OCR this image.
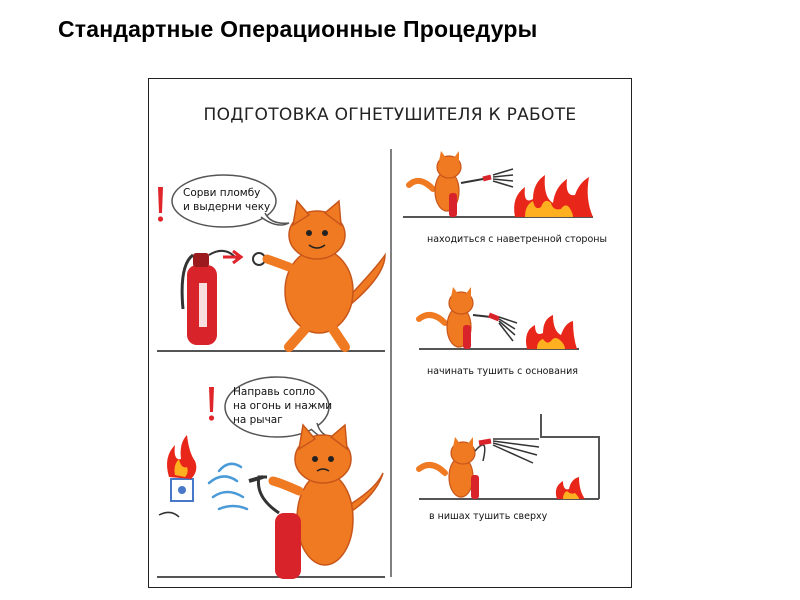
Стандартные Операционные Процедуры
ПОДГОТОВКА ОГНЕТУШИТЕЛЯ К РАБОТЕ
Сорви пломбу
и выдерни чеку
Направь сопло
на огонь и нажми
на рычаг
находиться с наветренной стороны
начинать тушить с основания
в нишах тушить сверху
